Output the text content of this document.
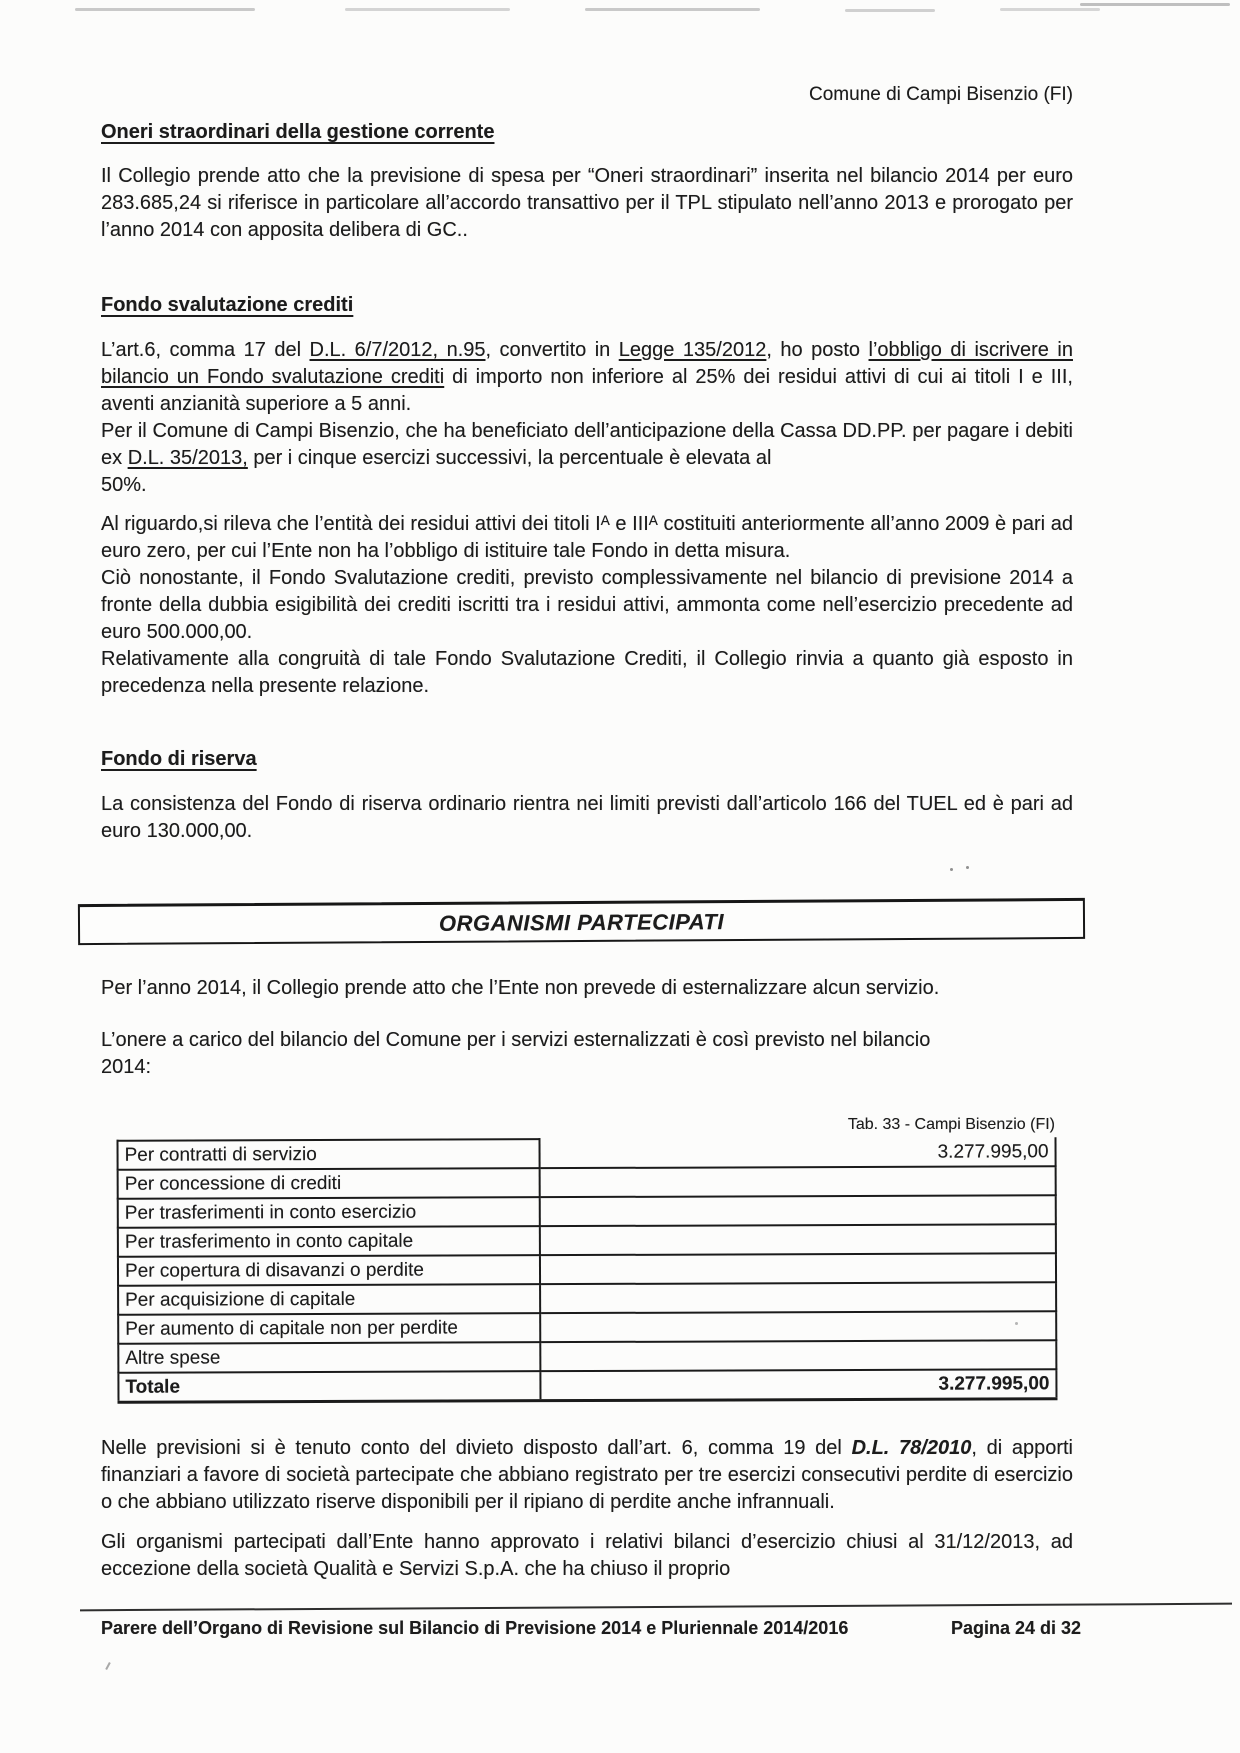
Comune di Campi Bisenzio (FI)
Oneri straordinari della gestione corrente

Il Collegio prende atto che la previsione di spesa per “Oneri straordinari” inserita nel bilancio 2014 per euro 283.685,24 si riferisce in particolare all’accordo transattivo per il TPL stipulato nell’anno 2013 e prorogato per l’anno 2014 con apposita delibera di GC..

Fondo svalutazione crediti

L’art.6, comma 17 del D.L. 6/7/2012, n.95, convertito in Legge 135/2012, ho posto l’obbligo di iscrivere in bilancio un Fondo svalutazione crediti di importo non inferiore al 25% dei residui attivi di cui ai titoli I e III, aventi anzianità superiore a 5 anni.

Per il Comune di Campi Bisenzio, che ha beneficiato dell’anticipazione della Cassa DD.PP. per pagare i debiti ex D.L. 35/2013, per i cinque esercizi successivi, la percentuale è elevata al
50%.

Al riguardo,si rileva che l’entità dei residui attivi dei titoli Iᴬ e IIIᴬ costituiti anteriormente all’anno 2009 è pari ad euro zero, per cui l’Ente non ha l’obbligo di istituire tale Fondo in detta misura.

Ciò nonostante, il Fondo Svalutazione crediti, previsto complessivamente nel bilancio di previsione 2014 a fronte della dubbia esigibilità dei crediti iscritti tra i residui attivi, ammonta come nell’esercizio precedente ad euro 500.000,00.

Relativamente alla congruità di tale Fondo Svalutazione Crediti, il Collegio rinvia a quanto già esposto in precedenza nella presente relazione.

Fondo di riserva

La consistenza del Fondo di riserva ordinario rientra nei limiti previsti dall’articolo 166 del TUEL ed è pari ad euro 130.000,00.

ORGANISMI PARTECIPATI

Per l’anno 2014, il Collegio prende atto che l’Ente non prevede di esternalizzare alcun servizio.

L’onere a carico del bilancio del Comune per i servizi esternalizzati è così previsto nel bilancio
2014:

Tab. 33 - Campi Bisenzio (FI)
Per contratti di servizio	3.277.995,00
Per concessione di crediti	
Per trasferimenti in conto esercizio	
Per trasferimento in conto capitale	
Per copertura di disavanzi o perdite	
Per acquisizione di capitale	
Per aumento di capitale non per perdite	
Altre spese	
Totale	3.277.995,00

Nelle previsioni si è tenuto conto del divieto disposto dall’art. 6, comma 19 del D.L. 78/2010, di apporti finanziari a favore di società partecipate che abbiano registrato per tre esercizi consecutivi perdite di esercizio o che abbiano utilizzato riserve disponibili per il ripiano di perdite anche infrannuali.

Gli organismi partecipati dall’Ente hanno approvato i relativi bilanci d’esercizio chiusi al 31/12/2013, ad eccezione della società Qualità e Servizi S.p.A. che ha chiuso il proprio

Parere dell’Organo di Revisione sul Bilancio di Previsione 2014 e Pluriennale 2014/2016	Pagina 24 di 32
